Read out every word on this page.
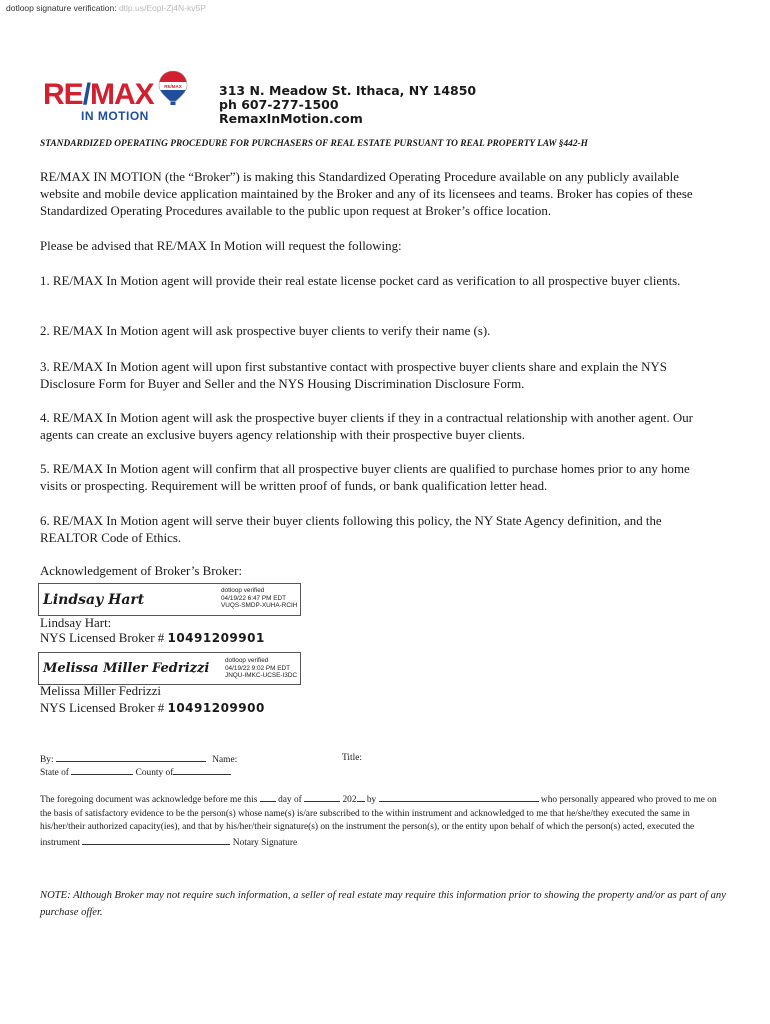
dotloop signature verification: dtlp.us/Eopl-Zj4N-kv5P
RE/MAX
IN MOTION
RE/MAX	313 N. Meadow St. Ithaca, NY 14850
ph 607-277-1500
RemaxInMotion.com
STANDARDIZED OPERATING PROCEDURE FOR PURCHASERS OF REAL ESTATE PURSUANT TO REAL PROPERTY LAW §442-H
RE/MAX IN MOTION (the “Broker”) is making this Standardized Operating Procedure available on any publicly available website and mobile device application maintained by the Broker and any of its licensees and teams. Broker has copies of these Standardized Operating Procedures available to the public upon request at Broker’s office location.
Please be advised that RE/MAX In Motion will request the following:
1. RE/MAX In Motion agent will provide their real estate license pocket card as verification to all prospective buyer clients.
2. RE/MAX In Motion agent will ask prospective buyer clients to verify their name (s).
3. RE/MAX In Motion agent will upon first substantive contact with prospective buyer clients share and explain the NYS Disclosure Form for Buyer and Seller and the NYS Housing Discrimination Disclosure Form.
4. RE/MAX In Motion agent will ask the prospective buyer clients if they in a contractual relationship with another agent. Our agents can create an exclusive buyers agency relationship with their prospective buyer clients.
5. RE/MAX In Motion agent will confirm that all prospective buyer clients are qualified to purchase homes prior to any home visits or prospecting. Requirement will be written proof of funds, or bank qualification letter head.
6. RE/MAX In Motion agent will serve their buyer clients following this policy, the NY State Agency definition, and the REALTOR Code of Ethics.
Acknowledgement of Broker’s Broker:
Lindsay Hart
dotloop verified
04/19/22 6:47 PM EDT
VUQS-SMDP-XUHA-RCIH
Lindsay Hart:
NYS Licensed Broker # 10491209901
Melissa Miller Fedrizzi
dotloop verified
04/19/22 9:02 PM EDT
JNQU-IMKC-UCSE-I3DC
Melissa Miller Fedrizzi
NYS Licensed Broker # 10491209900
By:	Name:	Title:
State of	County of
The foregoing document was acknowledge before me this day of	202 by	who personally appeared who proved to me on the basis of satisfactory evidence to be the person(s) whose name(s) is/are subscribed to the within instrument and acknowledged to me that he/she/they executed the same in his/her/their authorized capacity(ies), and that by his/her/their signature(s) on the instrument the person(s), or the entity upon behalf of which the person(s) acted, executed the instrument	Notary Signature
NOTE: Although Broker may not require such information, a seller of real estate may require this information prior to showing the property and/or as part of any purchase offer.
